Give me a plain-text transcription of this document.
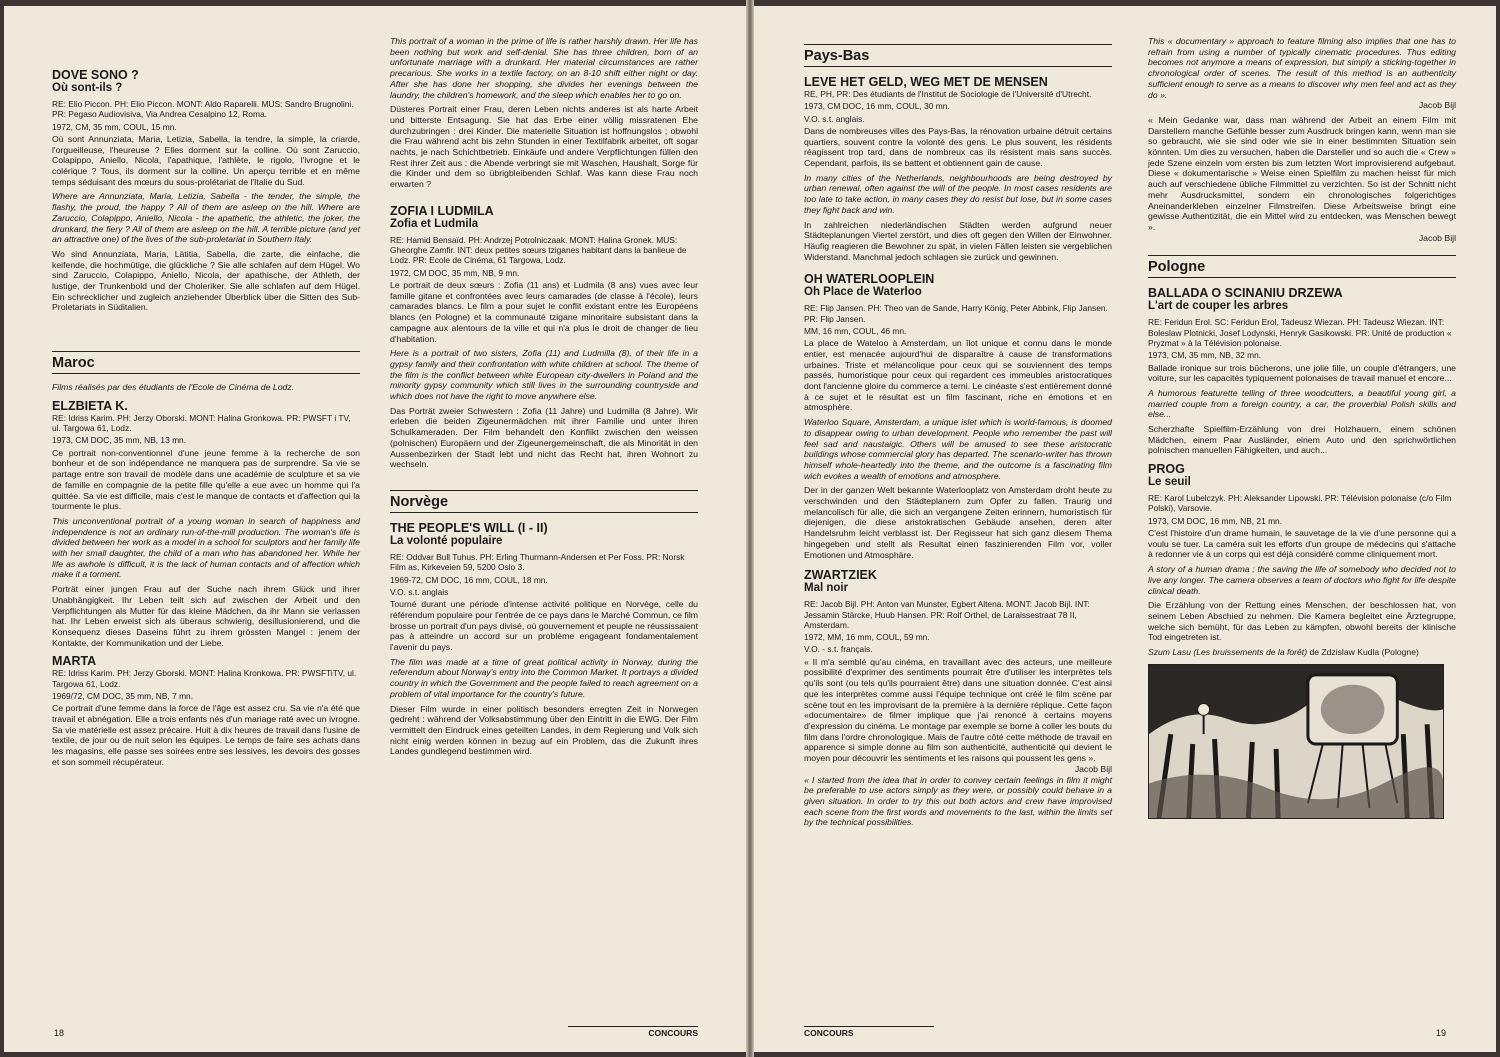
DOVE SONO ?
Où sont-ils ?

RE: Elio Piccon. PH: Elio Piccon. MONT: Aldo Raparelli. MUS: Sandro Brugnolini. PR: Pegaso Audiovisiva, Via Andrea Cesalpino 12, Roma.

1972, CM, 35 mm, COUL, 15 mn.

Où sont Annunziata, Maria, Letizia, Sabella, la tendre, la simple, la criarde, l'orgueilleuse, l'heureuse ? Elles dorment sur la colline. Où sont Zaruccio, Colapippo, Aniello, Nicola, l'apathique, l'athlète, le rigolo, l'ivrogne et le colérique ? Tous, ils dorment sur la colline. Un aperçu terrible et en même temps séduisant des mœurs du sous-prolétariat de l'Italie du Sud.

Where are Annunziata, Maria, Letizia, Sabella - the tender, the simple, the flashy, the proud, the happy ? All of them are asleep on the hill. Where are Zaruccio, Colapippo, Aniello, Nicola - the apathetic, the athletic, the joker, the drunkard, the fiery ? All of them are asleep on the hill. A terrible picture (and yet an attractive one) of the lives of the sub-proletariat in Southern Italy.

Wo sind Annunziata, Maria, Lätitia, Sabella, die zarte, die einfache, die keifende, die hochmütige, die glückliche ? Sie alle schlafen auf dem Hügel. Wo sind Zaruccio, Colapippo, Aniello, Nicola, der apathische, der Athleth, der lustige, der Trunkenbold und der Choleriker. Sie alle schlafen auf dem Hügel. Ein schrecklicher und zugleich anziehender Überblick über die Sitten des Sub-Proletariats in Süditalien.

Maroc

Films réalisés par des étudiants de l'Ecole de Cinéma de Lodz.

ELZBIETA K.

RE: Idriss Karim. PH: Jerzy Oborski. MONT: Halina Gronkowa. PR: PWSFT i TV, ul. Targowa 61, Lodz.

1973, CM DOC, 35 mm, NB, 13 mn.

Ce portrait non-conventionnel d'une jeune femme à la recherche de son bonheur et de son indépendance ne manquera pas de surprendre. Sa vie se partage entre son travail de modèle dans une académie de sculpture et sa vie de famille en compagnie de la petite fille qu'elle a eue avec un homme qui l'a quittée. Sa vie est difficile, mais c'est le manque de contacts et d'affection qui la tourmente le plus.

This unconventional portrait of a young woman in search of happiness and independence is not an ordinary run-of-the-mill production. The woman's life is divided between her work as a model in a school for sculptors and her family life with her small daughter, the child of a man who has abandoned her. While her life as awhole is difficult, it is the lack of human contacts and of affection which make it a torment.

Porträt einer jungen Frau auf der Suche nach ihrem Glück und ihrer Unabhängigkeit. Ihr Leben teilt sich auf zwischen der Arbeit und den Verpflichtungen als Mutter für das kleine Mädchen, da ihr Mann sie verlassen hat. Ihr Leben erweist sich als überaus schwierig, desillusionierend, und die Konsequenz dieses Daseins führt zu ihrem grössten Mangel : jenem der Kontakte, der Kommunikation und der Liebe.

MARTA

RE: Idriss Karim. PH: Jerzy Gborski. MONT: Halina Kronkowa. PR: PWSFTiTV, ul. Targowa 61, Lodz.

1969/72, CM DOC, 35 mm, NB, 7 mn.

Ce portrait d'une femme dans la force de l'âge est assez cru. Sa vie n'a été que travail et abnégation. Elle a trois enfants nés d'un mariage raté avec un ivrogne. Sa vie matérielle est assez précaire. Huit à dix heures de travail dans l'usine de textile, de jour ou de nuit selon les équipes. Le temps de faire ses achats dans les magasins, elle passe ses soirées entre ses lessives, les devoirs des gosses et son sommeil récupérateur.

This portrait of a woman in the prime of life is rather harshly drawn. Her life has been nothing but work and self-denial. She has three children, born of an unfortunate marriage with a drunkard. Her material circumstances are rather precarious. She works in a textile factory, on an 8-10 shift either night or day. After she has done her shopping, she divides her evenings between the laundry, the children's homework, and the sleep which enables her to go on.

Düsteres Portrait einer Frau, deren Leben nichts anderes ist als harte Arbeit und bitterste Entsagung. Sie hat das Erbe einer völlig missratenen Ehe durchzubringen : drei Kinder. Die materielle Situation ist hoffnungslos ; obwohl die Frau während acht bis zehn Stunden in einer Textilfabrik arbeitet, oft sogar nachts, je nach Schichtbetrieb. Einkäufe und andere Verpflichtungen füllen den Rest ihrer Zeit aus : die Abende verbringt sie mit Waschen, Haushalt, Sorge für die Kinder und dem so übrigbleibenden Schlaf. Was kann diese Frau noch erwarten ?

ZOFIA I LUDMILA
Zofia et Ludmila

RE: Hamid Bensaïd. PH: Andrzej Potrolniczaak. MONT: Halina Gronek. MUS: Gheorghe Zamfir. INT: deux petites sœurs tziganes habitant dans la banlieue de Lodz. PR: Ecole de Cinéma, 61 Targowa, Lodz.

1972, CM DOC, 35 mm, NB, 9 mn.

Le portrait de deux sœurs : Zofia (11 ans) et Ludmila (8 ans) vues avec leur famille gitane et confrontées avec leurs camarades (de classe à l'école), leurs camarades blancs. Le film a pour sujet le conflit existant entre les Européens blancs (en Pologne) et la communauté tzigane minoritaire subsistant dans la campagne aux alentours de la ville et qui n'a plus le droit de changer de lieu d'habitation.

Here is a portrait of two sisters, Zofia (11) and Ludmilla (8), of their life in a gypsy family and their confrontation with white children at school. The theme of the film is the conflict between white European city-dwellers in Poland and the minority gypsy community which still lives in the surrounding countryside and which does not have the right to move anywhere else.

Das Porträt zweier Schwestern : Zofia (11 Jahre) und Ludmilla (8 Jahre). Wir erleben die beiden Zigeunermädchen mit ihrer Familie und unter ihren Schulkameraden. Der Film behandelt den Konflikt zwischen den weissen (polnischen) Europäern und der Zigeunergemeinschaft, die als Minorität in den Aussenbezirken der Stadt lebt und nicht das Recht hat, ihren Wohnort zu wechseln.

Norvège
THE PEOPLE'S WILL (I - II)
La volonté populaire

RE: Oddvar Bull Tuhus. PH: Erling Thurmann-Andersen et Per Foss. PR: Norsk Film as, Kirkeveien 59, 5200 Oslo 3.

1969-72, CM DOC, 16 mm, COUL, 18 mn.

V.O. s.t. anglais

Tourné durant une période d'intense activité politique en Norvège, celle du référendum populaire pour l'entrée de ce pays dans le Marché Commun, ce film brosse un portrait d'un pays divisé, où gouvernement et peuple ne réussissaient pas à atteindre un accord sur un problème engageant fondamentalement l'avenir du pays.

The film was made at a time of great political activity in Norway, during the referendum about Norway's entry into the Common Market. It portrays a divided country in which the Government and the people failed to reach agreement on a problem of vital importance for the country's future.

Dieser Film wurde in einer politisch besonders erregten Zeit in Norwegen gedreht : während der Volksabstimmung über den Eintritt in die EWG. Der Film vermittelt den Eindruck eines geteilten Landes, in dem Regierung und Volk sich nicht einig werden können in bezug auf ein Problem, das die Zukunft ihres Landes gundlegend bestimmen wird.

18	CONCOURS
Pays-Bas
LEVE HET GELD, WEG MET DE MENSEN

RE, PH, PR: Des étudiants de l'Institut de Sociologie de l'Université d'Utrecht.

1973, CM DOC, 16 mm, COUL, 30 mn.

V.O. s.t. anglais.

Dans de nombreuses villes des Pays-Bas, la rénovation urbaine détruit certains quartiers, souvent contre la volonté des gens. Le plus souvent, les résidents réagissent trop tard, dans de nombreux cas ils résistent mais sans succès. Cependant, parfois, ils se battent et obtiennent gain de cause.

In many cities of the Netherlands, neighbourhoods are being destroyed by urban renewal, often against the will of the people. In most cases residents are too late to take action, in many cases they do resist but lose, but in some cases they fight back and win.

In zahlreichen niederländischen Städten werden aufgrund neuer Städteplanungen Viertel zerstört, und dies oft gegen den Willen der Einwohner. Häufig reagieren die Bewohner zu spät, in vielen Fällen leisten sie vergeblichen Widerstand. Manchmal jedoch schlagen sie zurück und gewinnen.

OH WATERLOOPLEIN
Oh Place de Waterloo

RE: Flip Jansen. PH: Theo van de Sande, Harry König, Peter Abbink, Flip Jansen. PR: Flip Jansen.

MM, 16 mm, COUL, 46 mn.

La place de Wateloo à Amsterdam, un îlot unique et connu dans le monde entier, est menacée aujourd'hui de disparaître à cause de transformations urbaines. Triste et mélancolique pour ceux qui se souviennent des temps passés, humoristique pour ceux qui regardent ces immeubles aristocratiques dont l'ancienne gloire du commerce a terni. Le cinéaste s'est entièrement donné à ce sujet et le résultat est un film fascinant, riche en émotions et en atmosphère.

Waterloo Square, Amsterdam, a unique islet which is world-famous, is doomed to disappear owing to urban development. People who remember the past will feel sad and naustaigic. Others will be amused to see these aristocratic buildings whose commercial glory has departed. The scenario-writer has thrown himself whole-heartedly into the theme, and the outcome is a fascinating film wich evokes a wealth of emotions and atmosphere.

Der in der ganzen Welt bekannte Waterlooplatz von Amsterdam droht heute zu verschwinden und den Städteplanern zum Opfer zu fallen. Traurig und melancolisch für alle, die sich an vergangene Zeiten erinnern, humoristisch für diejenigen, die diese aristokratischen Gebäude ansehen, deren alter Handelsruhm leicht verblasst ist. Der Regisseur hat sich ganz diesem Thema hingegeben und stellt als Resultat einen faszinierenden Film vor, voller Emotionen und Atmosphäre.

ZWARTZIEK
Mal noir

RE: Jacob Bijl. PH: Anton van Munster, Egbert Altena. MONT: Jacob Bijl. INT: Jessamin Stärcke, Huub Hansen. PR: Rolf Orthel, de Laraissestraat 78 II, Amsterdam.

1972, MM, 16 mm, COUL, 59 mn.

V.O. - s.t. français.

« Il m'a semblé qu'au cinéma, en travaillant avec des acteurs, une meilleure possibilité d'exprimer des sentiments pourrait être d'utiliser les interprètes tels qu'ils sont (ou tels qu'ils pourraient être) dans une situation donnée. C'est ainsi que les interprètes comme aussi l'équipe technique ont créé le film scène par scène tout en les improvisant de la première à la dernière réplique. Cette façon «documentaire» de filmer implique que j'ai renoncé à certains moyens d'expression du cinéma. Le montage par exemple se borne à coller les bouts du film dans l'ordre chronologique. Mais de l'autre côté cette méthode de travail en apparence si simple donne au film son authenticité, authenticité qui devient le moyen pour découvrir les sentiments et les raisons qui poussent les gens ».

Jacob Bijl

« I started from the idea that in order to convey certain feelings in film it might be preferable to use actors simply as they were, or possibly could behave in a given situation. In order to try this out both actors and crew have improvised each scene from the first words and movements to the last, within the limits set by the technical possibilities.

This « documentary » approach to feature filming also implies that one has to refrain from using a number of typically cinematic procedures. Thus editing becomes not anymore a means of expression, but simply a sticking-together in chronological order of scenes. The result of this method is an authenticity sufficient enough to serve as a means to discover why men feel and act as they do ».

Jacob Bijl

« Mein Gedanke war, dass man während der Arbeit an einem Film mit Darstellern manche Gefühle besser zum Ausdruck bringen kann, wenn man sie so gebraucht, wie sie sind oder wie sie in einer bestimmten Situation sein könnten. Um dies zu versuchen, haben die Darsteller und so auch die « Crew » jede Szene einzeln vom ersten bis zum letzten Wort improvisierend aufgebaut. Diese « dokumentarische » Weise einen Spielfilm zu machen heisst für mich auch auf verschiedene übliche Filmmittel zu verzichten. So ist der Schnitt nicht mehr Ausdrucksmittel, sondern ein chronologisches folgerichtiges Aneinanderkleben einzelner Filmstreifen. Diese Arbeitsweise bringt eine gewisse Authentizität, die ein Mittel wird zu entdecken, was Menschen bewegt ».

Jacob Bijl
Pologne
BALLADA O SCINANIU DRZEWA
L'art de couper les arbres

RE: Feridun Erol. SC: Feridun Erol, Tadeusz Wiezan. PH: Tadeusz Wiezan. INT: Boleslaw Plotnicki, Josef Lodynski, Henryk Gasikowski. PR: Unité de production « Pryzmat » à la Télévision polonaise.

1973, CM, 35 mm, NB, 32 mn.

Ballade ironique sur trois bûcherons, une jolie fille, un couple d'étrangers, une voiture, sur les capacités typiquement polonaises de travail manuel et encore...

A humorous featurette telling of three woodcutters, a beautiful young girl, a married couple from a foreign country, a car, the proverbial Polish skills and else...

Scherzhafte Spielfilm-Erzählung von drei Holzhauern, einem schönen Mädchen, einem Paar Ausländer, einem Auto und den sprichwörtlichen polnischen manuellen Fähigkeiten, und auch...

PROG
Le seuil

RE: Karol Lubelczyk. PH: Aleksander Lipowski. PR: Télévision polonaise (c/o Film Polski), Varsovie.

1973, CM DOC, 16 mm, NB, 21 mn.

C'est l'histoire d'un drame humain, le sauvetage de la vie d'une personne qui a voulu se tuer. La caméra suit les efforts d'un groupe de médecins qui s'attache à redonner vie à un corps qui est déjà considéré comme cliniquement mort.

A story of a human drama ; the saving the life of somebody who decided not to live any longer. The camera observes a team of doctors who fight for life despite clinical death.

Die Erzählung von der Rettung eines Menschen, der beschlossen hat, von seinem Leben Abschied zu nehmen. Die Kamera begleitet eine Ärztegruppe, welche sich bemüht, für das Leben zu kämpfen, obwohl bereits der klinische Tod eingetreten ist.

Szum Lasu (Les bruissements de la forêt) de Zdzislaw Kudla (Pologne)
CONCOURS	19
